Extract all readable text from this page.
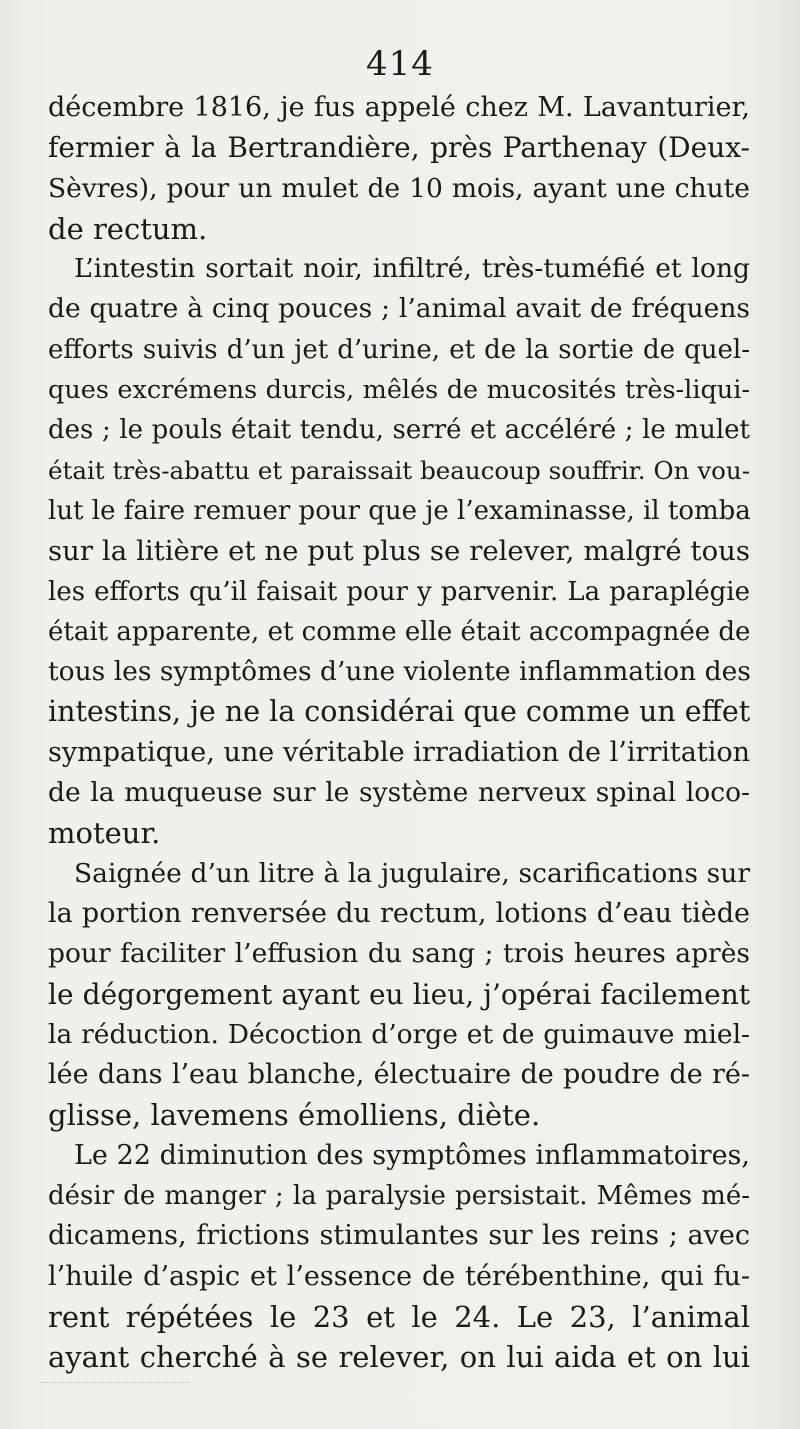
414
décembre 1816, je fus appelé chez M. Lavanturier,
fermier à la Bertrandière, près Parthenay (Deux-
Sèvres), pour un mulet de 10 mois, ayant une chute
de rectum.
L’intestin sortait noir, infiltré, très-tuméfié et long
de quatre à cinq pouces ; l’animal avait de fréquens
efforts suivis d’un jet d’urine, et de la sortie de quel-
ques excrémens durcis, mêlés de mucosités très-liqui-
des ; le pouls était tendu, serré et accéléré ; le mulet
était très-abattu et paraissait beaucoup souffrir. On vou-
lut le faire remuer pour que je l’examinasse, il tomba
sur la litière et ne put plus se relever, malgré tous
les efforts qu’il faisait pour y parvenir. La paraplégie
était apparente, et comme elle était accompagnée de
tous les symptômes d’une violente inflammation des
intestins, je ne la considérai que comme un effet
sympatique, une véritable irradiation de l’irritation
de la muqueuse sur le système nerveux spinal loco-
moteur.
Saignée d’un litre à la jugulaire, scarifications sur
la portion renversée du rectum, lotions d’eau tiède
pour faciliter l’effusion du sang ; trois heures après
le dégorgement ayant eu lieu, j’opérai facilement
la réduction. Décoction d’orge et de guimauve miel-
lée dans l’eau blanche, électuaire de poudre de ré-
glisse, lavemens émolliens, diète.
Le 22 diminution des symptômes inflammatoires,
désir de manger ; la paralysie persistait. Mêmes mé-
dicamens, frictions stimulantes sur les reins ; avec
l’huile d’aspic et l’essence de térébenthine, qui fu-
rent répétées le 23 et le 24. Le 23, l’animal
ayant cherché à se relever, on lui aida et on lui
